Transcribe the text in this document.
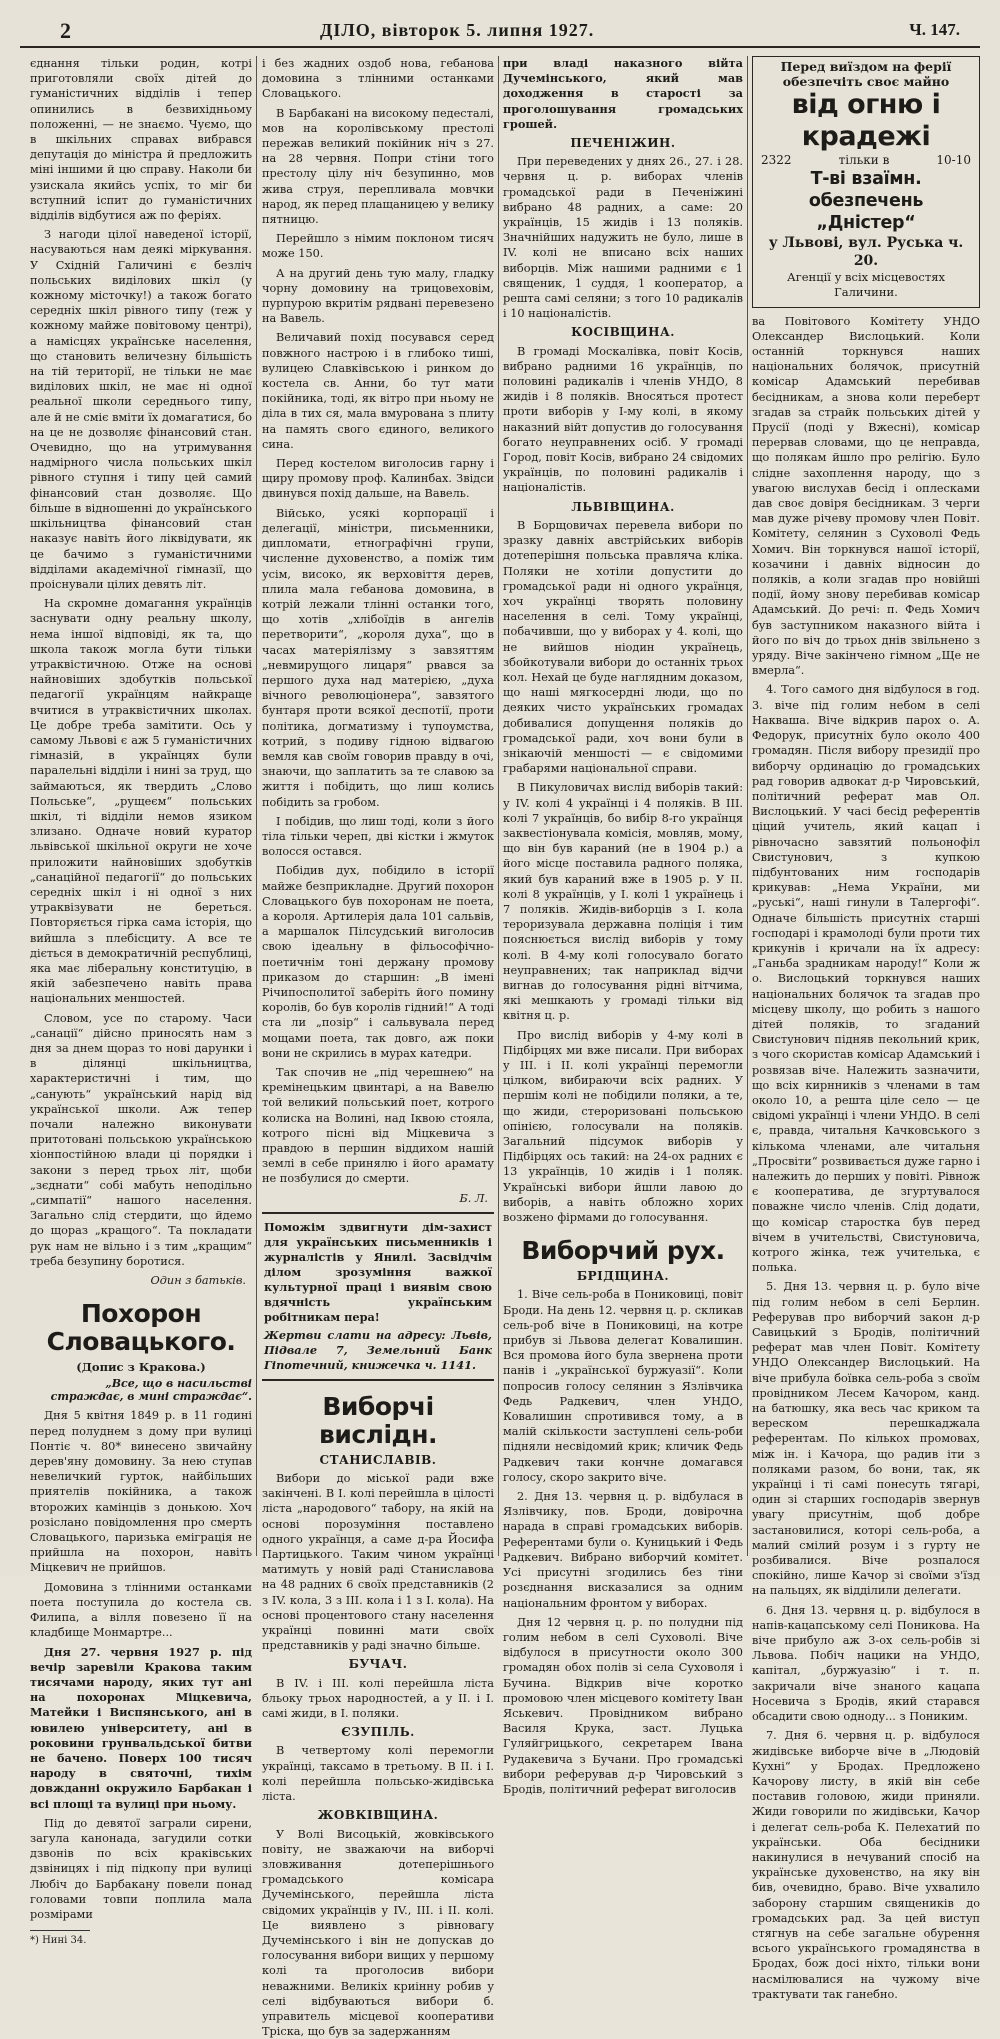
2	ДІЛО, вівторок 5. липня 1927.	Ч. 147.

єднання тільки родин, котрі приготовляли своїх дітей до гуманістичних відділів і тепер опинились в безвихідньому положенні, — не знаємо. Чуємо, що в шкільних справах вибрався депутація до міністра й предложить міні іншими й цю справу. Наколи би узискала якийсь успіх, то міг би вступний іспит до гуманістичних відділів відбутися аж по феріях.

З нагоди цілої наведеної історії, насуваються нам деякі міркування. У Східній Галичині є безліч польських виділових шкіл (у кожному місточку!) а також богато середніх шкіл рівного типу (теж у кожному майже повітовому центрі), а намісцях українське населення, що становить величезну більшість на тій території, не тільки не має виділових шкіл, не має ні одної реальної школи середнього типу, але й не сміє вміти їх домагатися, бо на це не дозволяє фінансовий стан. Очевидно, що на утримування надмірного числа польських шкіл рівного ступня і типу цей самий фінансовий стан дозволяє. Що більше в відношенні до українського шкільництва фінансовий стан наказує навіть його ліквідувати, як це бачимо з гуманістичними відділами академічної гімназії, що проіснували цілих девять літ.

На скромне домагання українців заснувати одну реальну школу, нема іншої відповіді, як та, що школа також могла бути тільки утраквістичною. Отже на основі найновіших здобутків польської педагогії українцям найкраще вчитися в утраквістичних школах. Це добре треба замітити. Ось у самому Львові є аж 5 гуманістичних гімназій, в українцях були паралельні відділи і нині за труд, що займаються, як твердить „Слово Польське“, „рущеєм“ польських шкіл, ті відділи немов язиком злизано. Одначе новий куратор львівської шкільної округи не хоче приложити найновіших здобутків „санаційної педагогії“ до польських середніх шкіл і ні одної з них утраквізувати не береться. Повторяється гірка сама історія, що вийшла з плебісциту. А все те діється в демократичній республиці, яка має ліберальну конституцію, в якій забезпечено навіть права національних меншостей.

Словом, усе по старому. Часи „санації“ дійсно приносять нам з дня за днем щораз то нові дарунки і в ділянці шкільництва, характеристичні і тим, що „санують“ український нарід від української школи. Аж тепер почали належно виконувати притотовані польською українською хіонпостійною влади ці порядки і закони з перед трьох літ, щоби „зєднати“ собі мабуть неподільно „симпатії“ нашого населення. Загально слід стердити, що йдемо до щораз „кращого“. Та покладати рук нам не вільно і з тим „кращим“ треба безупину боротися.

Один з батьків.
Похорон Словацького.
(Допис з Кракова.)
„Все, що в насильстві страждає, в мині страждає“.

Дня 5 квітня 1849 р. в 11 годині перед полуднем з дому при вулиці Понтіє ч. 80* винесено звичайну дерев'яну домовину. За нею ступав невеличкий гурток, найбільших приятелів покійника, а також второжих камінців з донькою. Хоч розіслано повідомлення про смерть Словацького, паризька еміграція не прийшла на похорон, навіть Міцкевич не прийшов.

Домовина з тлінними останками поета поступила до костела св. Филипа, а вілля повезено її на кладбище Монмартре...

Дня 27. червня 1927 р. під вечір заревіли Кракова таким тисячами народу, яких тут ані на похоронах Міцкевича, Матейки і Виспянського, ані в ювилею університету, ані в роковини грунвальдської битви не бачено. Поверх 100 тисяч народу в святочні, тихім довжданні окружило Барбакан і всі площі та вулиці при ньому.

Під до девятої заграли сирени, загула канонада, загудили сотки дзвонів по всіх краківських дзвіницях і під підкопу при вулиці Любіч до Барбакану повели понад головами товпи поплила мала розмірами

*) Нині 34.

і без жадних оздоб нова, гебанова домовина з тлінними останками Словацького.

В Барбакані на високому педесталі, мов на королівському престолі пережав великий покійник ніч з 27. на 28 червня. Попри стіни того престолу цілу ніч безупинно, мов жива струя, перепливала мовчки народ, як перед плащаницею у велику пятницю.

Перейшло з німим поклоном тисяч може 150.

А на другий день тую малу, гладку чорну домовину на трицовеховім, пурпурою вкритім рядвані перевезено на Вавель.

Величавий похід посувався серед повжного настрою і в глибоко тиші, вулицею Славківською і ринком до костела св. Анни, бо тут мати покійника, тоді, як вітро при ньому не діла в тих ся, мала вмурована з плиту на память свого єдиного, великого сина.

Перед костелом виголосив гарну і щиру промову проф. Калинбах. Звідси двинувся похід дальше, на Вавель.

Військо, усякі корпорації і делегації, міністри, письменники, дипломати, етнографічні групи, численне духовенство, а поміж тим усім, високо, як верховіття дерев, плила мала гебанова домовина, в котрій лежали тлінні останки того, що хотів „хлібоїдів в ангелів перетворити“, „короля духа“, що в часах матеріялізму з завзяттям „невмирущого лицаря“ рвався за першого духа над матерією, „духа вічного революціонера“, завзятого бунтаря проти всякої деспотії, проти політика, догматизму і тупоумства, котрий, з подиву гідною відвагою вемля кав своїм говорив правду в очі, знаючи, що заплатить за те славою за життя і побідить, що лиш колись побідить за гробом.

І побідив, що лиш тоді, коли з його тіла тільки череп, дві кістки і жмуток волосся остався.

Побідив дух, побідило в історії майже безприкладне. Другий похорон Словацького був похоронам не поета, а короля. Артилерія дала 101 сальвів, а маршалок Пілсудський виголосив свою ідеальну в фільософічно-поетичнім тоні держану промову приказом до старшин: „В імені Річипосполитої заберіть його помину королів, бо був королів гідний!“ А тоді ста ли „позір“ і сальвувала перед мощами поета, так довго, аж поки вони не скрились в мурах катедри.

Так спочив не „під черешнею“ на кремінецьким цвинтарі, а на Вавелю той великий польський поет, котрого колиска на Волині, над Іквою стояла, котрого пісні від Міцкевича з правдою в першин віддихом нашій землі в себе принялю і його арамату не позбулися до смерти.

Б. Л.
Поможім здвигнути дім-захист для українських письменників і журналістів у Янилі. Засвідчім ділом зрозуміння важкої культурної праці і виявім свою вдячність українським робітникам пера!
Жертви слати на адресу: Львів, Підвале 7, Земельний Банк Гіпотечний, книжечка ч. 1141.
Виборчі вислідн.
СТАНИСЛАВІВ.

Вибори до міської ради вже закінчені. В I. колі перейшла в цілості ліста „народового“ табору, на якій на основі порозуміння поставлено одного українця, а саме д-ра Йосифа Партицького. Таким чином українці матимуть у новій раді Станиславова на 48 радних 6 своїх представників (2 з IV. кола, 3 з III. кола і 1 з I. кола). На основі процентового стану населення українці повинні мати своїх представників у раді значно більше.

БУЧАЧ.

В IV. і III. колі перейшла ліста бльоку трьох народностей, а у II. і I. самі жиди, в I. поляки.

ЄЗУПІЛЬ.

В четвертому колі перемогли українці, таксамо в третьому. В II. і I. колі перейшла польсько-жидівська ліста.

ЖОВКІВЩИНА.

У Волі Висоцькій, жовківського повіту, не зважаючи на виборчі зловживання дотеперішнього громадського комісара Дучемінського, перейшла ліста свідомих українців у IV., III. і II. колі. Це виявлено з рівновагу Дучемінського і він не допускав до голосування вибори вищих у першому колі та проголосив вибори неважними. Великіх криінну робив у селі відбуваються вибори б. управитель місцевої кооперативи Тріска, що був за задержанням

при владі наказного війта Дучемінського, який мав доходження в старості за проголошування громадських грошей.

ПЕЧЕНІЖИН.

При переведених у днях 26., 27. і 28. червня ц. р. виборах членів громадської ради в Печеніжині вибрано 48 радних, а саме: 20 українців, 15 жидів і 13 поляків. Значнійших надужить не було, лише в IV. колі не вписано всіх наших виборців. Між нашими радними є 1 священик, 1 суддя, 1 кооператор, а решта самі селяни; з того 10 радикалів і 10 націоналістів.

КОСІВЩИНА.

В громаді Москалівка, повіт Косів, вибрано радними 16 українців, по половині радикалів і членів УНДО, 8 жидів і 8 поляків. Вносяться протест проти виборів у I-му колі, в якому наказний війт допустив до голосування богато неуправнених осіб. У громаді Город, повіт Косів, вибрано 24 свідомих українців, по половині радикалів і націоналістів.

ЛЬВІВЩИНА.

В Борщовичах перевела вибори по зразку давніх австрійських виборів дотеперішня польська правляча кліка. Поляки не хотіли допустити до громадської ради ні одного українця, хоч українці творять половину населення в селі. Тому українці, побачивши, що у виборах у 4. колі, що не вийшов ніодин українець, збойкотували вибори до останніх трьох кол. Нехай це буде наглядним доказом, що наші мягкосердні люди, що по деяких чисто українських громадах добивалися допущення поляків до громадської ради, хоч вони були в знікаючій меншості — є свідомими грабарями національної справи.

В Пикуловичах вислід виборів такий: у IV. колі 4 українці і 4 поляків. В III. колі 7 українців, бо вибір 8-го українця заквестіонувала комісія, мовляв, мому, що він був караний (не в 1904 р.) а його місце поставила радного поляка, який був караний вже в 1905 р. У II. колі 8 українців, у I. колі 1 українець і 7 поляків. Жидів-виборців з I. кола тероризувала державна поліція і тим пояснюється вислід виборів у тому колі. В 4-му колі голосувало богато неуправнених; так наприклад відчи вигнав до голосування рідні вітчима, які мешкають у громаді тільки від квітня ц. р.

Про вислід виборів у 4-му колі в Підбірцях ми вже писали. При виборах у III. і II. колі українці перемогли цілком, вибираючи всіх радних. У першім колі не побідили поляки, а те, що жиди, стероризовані польською опінією, голосували на поляків. Загальний підсумок виборів у Підбірцях ось такий: на 24-ох радних є 13 українців, 10 жидів і 1 поляк. Українські вибори йшли лавою до виборів, а навіть обложно хорих возжено фірмами до голосування.

Виборчий рух.
БРІДЩИНА.

1. Віче сель-роба в Пониковиці, повіт Броди. На день 12. червня ц. р. скликав сель-роб віче в Пониковиці, на котре прибув зі Львова делегат Ковалишин. Вся промова його була звернена проти панів і „української буржуазії“. Коли попросив голосу селянин з Язлівчика Федь Радкевич, член УНДО, Ковалишин спротивився тому, а в малій скількости заступлені сель-роби підняли несвідомий крик; кличик Федь Радкевич таки кончне домагався голосу, скоро закрито віче.

2. Дня 13. червня ц. р. відбулася в Язлівчику, пов. Броди, довірочна нарада в справі громадських виборів. Референтами були о. Куницький і Федь Радкевич. Вибрано виборчий комітет. Усі присутні згодились без тіни розєднання висказалися за одним національним фронтом у виборах.

Дня 12 червня ц. р. по полудни під голим небом в селі Суховолі. Віче відбулося в присутности около 300 громадян обох полів зі села Суховоля і Бучина. Відкрив віче коротко промовою член місцевого комітету Іван Яськевич. Провідником вибрано Василя Крука, заст. Луцька Гуляйгрицького, секретарем Івана Рудакевича з Бучани. Про громадські вибори реферував д-р Чировський з Бродів, політичний реферат виголосив

Перед виїздом на ферії обезпечіть своє майно
від огню і крадежі
2322	тільки в	10-10
Т-ві взаїмн. обезпечень „Дністер“
у Львові, вул. Руська ч. 20.
Агенції у всіх місцевостях Галичини.

ва Повітового Комітету УНДО Олександер Вислоцький. Коли останній торкнувся наших національних болячок, присутній комісар Адамський перебивав бесідникам, а знова коли переберт згадав за страйк польських дітей у Прусії (поді у Вжесні), комісар перервав словами, що це неправда, що полякам йшло про релігію. Було слідне захоплення народу, що з увагою вислухав бесід і оплесками дав своє довіря бесідникам. З черги мав дуже річеву промову член Повіт. Комітету, селянин з Суховолі Федь Хомич. Він торкнувся нашої історії, козачини і давніх відносин до поляків, а коли згадав про новійші події, йому знову перебивав комісар Адамський. До речі: п. Федь Хомич був заступником наказного війта і його по віч до трьох днів звільнено з уряду. Віче закінчено гімном „Ще не вмерла“.

4. Того самого дня відбулося в год. 3. віче під голим небом в селі Накваша. Віче відкрив парох о. А. Федорук, присутніх було около 400 громадян. Після вибору президії про виборчу ординацію до громадських рад говорив адвокат д-р Чировський, політичний реферат мав Ол. Вислоцький. У часі бесід референтів ціций учитель, який кацап і рівночасно завзятий польонофіл Свистунович, з купкою підбунтованих ним господарів крикував: „Нема України, ми „руські“, наші гинули в Талергофі“. Одначе більшість присутніх старші господарі і крамолоді були проти тих крикунів і кричали на їх адресу: „Ганьба зрадникам народу!“ Коли ж о. Вислоцький торкнувся наших національних болячок та згадав про місцеву школу, що робить з нашого дітей поляків, то згаданий Свистунович підняв пекольний крик, з чого скористав комісар Адамський і розвязав віче. Належить зазначити, що всіх кирнників з членами в там около 10, а решта ціле село — це свідомі українці і члени УНДО. В селі є, правда, читальня Качковського з кількома членами, але читальня „Просвіти“ розвивається дуже гарно і належить до перших у повіті. Рівнож є кооператива, де згуртувалося поважне число членів. Слід додати, що комісар старостка був перед вічем в учительстві, Свистуновича, котрого жінка, теж учителька, є полька.

5. Дня 13. червня ц. р. було віче під голим небом в селі Берлин. Реферував про виборчий закон д-р Савицький з Бродів, політичний реферат мав член Повіт. Комітету УНДО Олександер Вислоцький. На віче прибула боївка сель-роба з своїм провідником Лесем Качором, канд. на батюшку, яка весь час криком та вереском перешкаджала референтам. По кількох промовах, між ін. і Качора, що радив іти з поляками разом, бо вони, так, як українці і ті самі понесуть тягарі, один зі старших господарів звернув увагу присутнім, щоб добре застановилися, которі сель-роба, а малий смілий розум і з гурту не розбивалися. Віче розпалося спокійно, лише Качор зі своїми з'їзд на пальцях, як відділили делегати.

6. Дня 13. червня ц. р. відбулося в напів-кацапському селі Поникова. На віче прибуло аж 3-ох сель-робів зі Львова. Побіч нацики на УНДО, капітал, „буржуазію“ і т. п. закричали віче знаного кацапа Носевича з Бродів, який старався обсадити свою одноду... з Пониким.

7. Дня 6. червня ц. р. відбулося жидівське виборче віче в „Людовій Кухні“ у Бродах. Предложено Качорову листу, в якій він себе поставив головою, жиди приняли. Жиди говорили по жидівськи, Качор і делегат сель-роба К. Пелехатий по українськи. Оба бесідники накинулися в нечуваний спосіб на українське духовенство, на яку він бив, очевидно, браво. Віче ухвалило заборону старшим священиків до громадських рад. За цей виступ стягнув на себе загальне обурення всього українського громадянства в Бродах, бож досі ніхто, тільки вони насмілювалися на чужому віче трактувати так ганебно.
